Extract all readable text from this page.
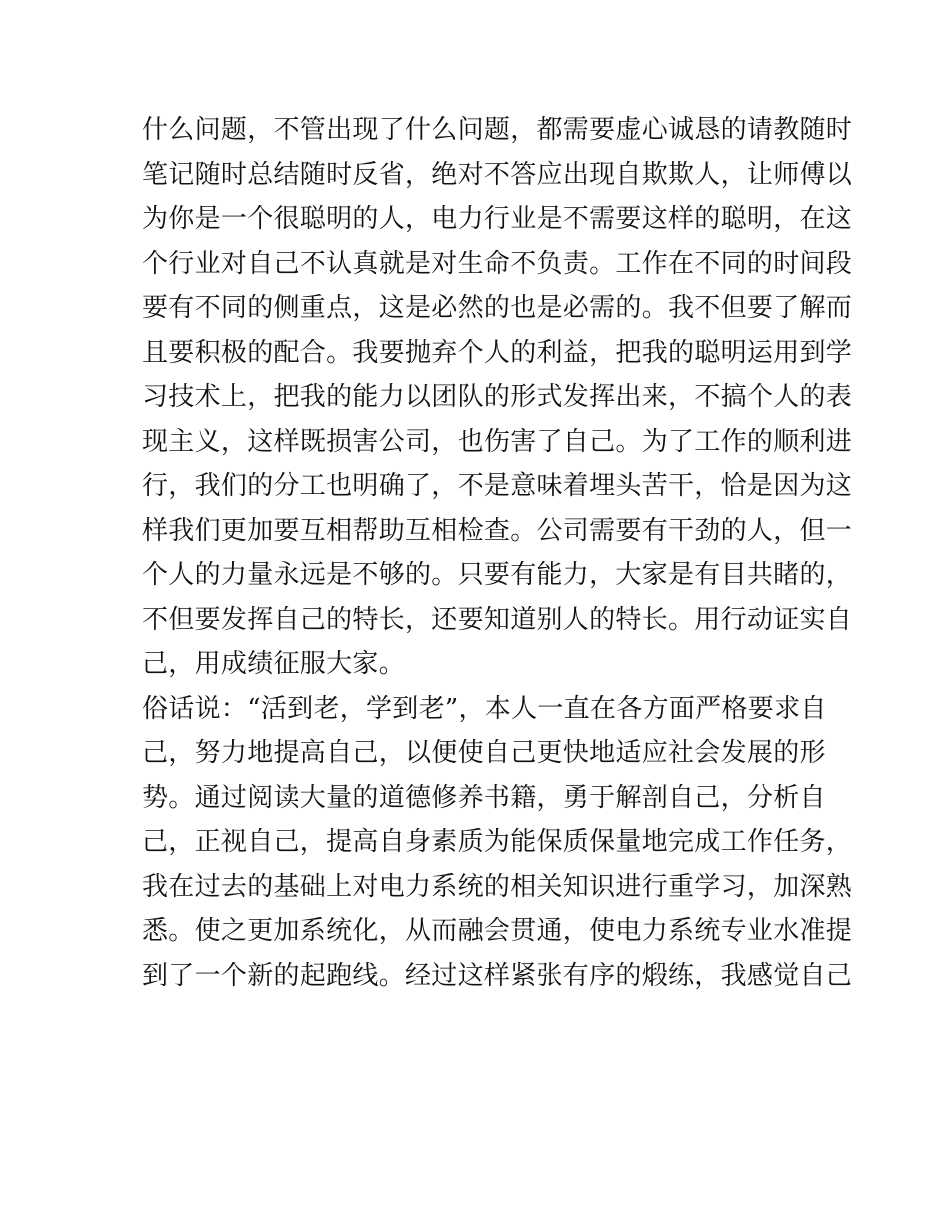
什么问题，不管出现了什么问题，都需要虚心诚恳的请教随时
笔记随时总结随时反省，绝对不答应出现自欺欺人，让师傅以
为你是一个很聪明的人，电力行业是不需要这样的聪明，在这
个行业对自己不认真就是对生命不负责。工作在不同的时间段
要有不同的侧重点，这是必然的也是必需的。我不但要了解而
且要积极的配合。我要抛弃个人的利益，把我的聪明运用到学
习技术上，把我的能力以团队的形式发挥出来，不搞个人的表
现主义，这样既损害公司，也伤害了自己。为了工作的顺利进
行，我们的分工也明确了，不是意味着埋头苦干，恰是因为这
样我们更加要互相帮助互相检查。公司需要有干劲的人，但一
个人的力量永远是不够的。只要有能力，大家是有目共睹的，
不但要发挥自己的特长，还要知道别人的特长。用行动证实自
己，用成绩征服大家。
俗话说：“活到老，学到老”，本人一直在各方面严格要求自
己，努力地提高自己，以便使自己更快地适应社会发展的形
势。通过阅读大量的道德修养书籍，勇于解剖自己，分析自
己，正视自己，提高自身素质为能保质保量地完成工作任务，
我在过去的基础上对电力系统的相关知识进行重学习，加深熟
悉。使之更加系统化，从而融会贯通，使电力系统专业水准提
到了一个新的起跑线。经过这样紧张有序的煅练，我感觉自己
